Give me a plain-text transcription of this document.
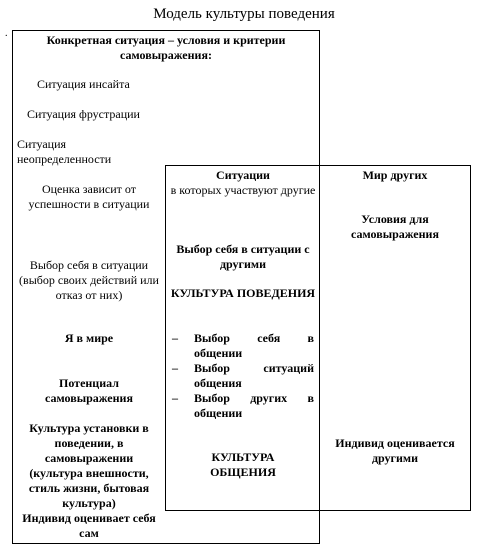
Модель культуры поведения
.	Конкретная ситуация – условия и критерии самовыражения:
Ситуация инсайта
Ситуация фрустрации
Ситуация неопределенности
Оценка зависит от успешности в ситуации
Выбор себя в ситуации (выбор своих действий или отказ от них)
Я в мире
Потенциал самовыражения
Культура установки в поведении, в самовыражении (культура внешности, стиль жизни, бытовая культура)
Индивид оценивает себя сам
Ситуации
в которых участвуют другие
Выбор себя в ситуации с другими
КУЛЬТУРА ПОВЕДЕНИЯ
– Выбор себя в общении
– Выбор ситуаций общения
– Выбор других в общении
КУЛЬТУРА ОБЩЕНИЯ
Мир других
Условия для самовыражения
Индивид оценивается другими
